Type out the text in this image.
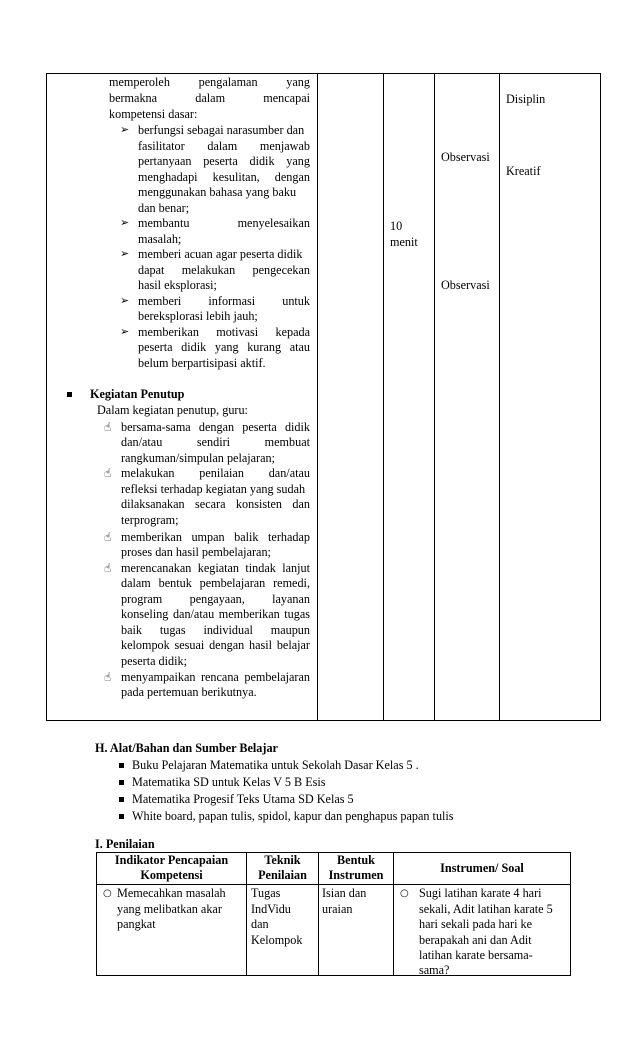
memperoleh pengalaman yang
bermakna dalam mencapai
kompetensi dasar:
➢ berfungsi sebagai narasumber dan
fasilitator dalam menjawab
pertanyaan peserta didik yang
menghadapi kesulitan, dengan
menggunakan bahasa yang baku
dan benar;
➢ membantu menyelesaikan
masalah;
➢ memberi acuan agar peserta didik
dapat melakukan pengecekan
hasil eksplorasi;
➢ memberi informasi untuk
bereksplorasi lebih jauh;
➢ memberikan motivasi kepada
peserta didik yang kurang atau
belum berpartisipasi aktif.
Kegiatan Penutup
Dalam kegiatan penutup, guru:
☝ bersama-sama dengan peserta didik
dan/atau sendiri membuat
rangkuman/simpulan pelajaran;
☝ melakukan penilaian dan/atau
refleksi terhadap kegiatan yang sudah
dilaksanakan secara konsisten dan
terprogram;
☝ memberikan umpan balik terhadap
proses dan hasil pembelajaran;
☝ merencanakan kegiatan tindak lanjut
dalam bentuk pembelajaran remedi,
program pengayaan, layanan
konseling dan/atau memberikan tugas
baik tugas individual maupun
kelompok sesuai dengan hasil belajar
peserta didik;
☝ menyampaikan rencana pembelajaran
pada pertemuan berikutnya.
10
menit
Observasi
Observasi
Disiplin
Kreatif
H. Alat/Bahan dan Sumber Belajar
Buku Pelajaran Matematika untuk Sekolah Dasar Kelas 5 .
Matematika SD untuk Kelas V 5 B Esis
Matematika Progesif Teks Utama SD Kelas 5
White board, papan tulis, spidol, kapur dan penghapus papan tulis
I. Penilaian
Indikator Pencapaian
Kompetensi
Teknik
Penilaian
Bentuk
Instrumen	Instrumen/ Soal
○ Memecahkan masalah
yang melibatkan akar
pangkat
Tugas
IndVidu
dan
Kelompok
Isian dan
uraian
○ Sugi latihan karate 4 hari
sekali, Adit latihan karate 5
hari sekali pada hari ke
berapakah ani dan Adit
latihan karate bersama-
sama?
